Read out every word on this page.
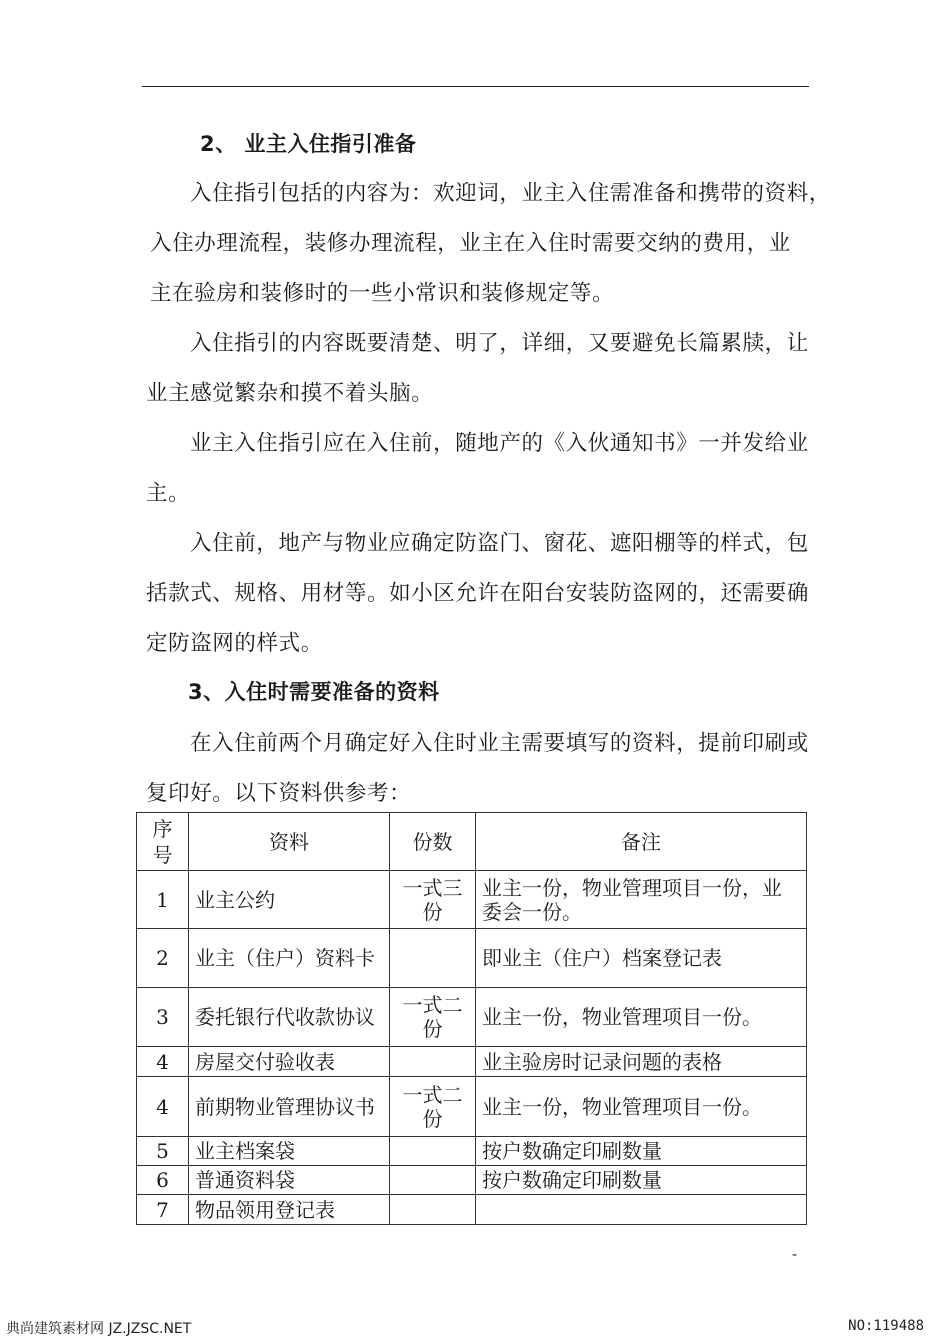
2、 业主入住指引准备
入住指引包括的内容为：欢迎词，业主入住需准备和携带的资料，
入住办理流程，装修办理流程，业主在入住时需要交纳的费用，业
主在验房和装修时的一些小常识和装修规定等。
入住指引的内容既要清楚、明了，详细，又要避免长篇累牍，让
业主感觉繁杂和摸不着头脑。
业主入住指引应在入住前，随地产的《入伙通知书》一并发给业
主。
入住前，地产与物业应确定防盗门、窗花、遮阳棚等的样式，包
括款式、规格、用材等。如小区允许在阳台安装防盗网的，还需要确
定防盗网的样式。
3、入住时需要准备的资料
在入住前两个月确定好入住时业主需要填写的资料，提前印刷或
复印好。以下资料供参考：
序号	资料	份数	备注
1	业主公约	一式三份	业主一份，物业管理项目一份，业委会一份。
2	业主（住户）资料卡		即业主（住户）档案登记表
3	委托银行代收款协议	一式二份	业主一份，物业管理项目一份。
4	房屋交付验收表		业主验房时记录问题的表格
4	前期物业管理协议书	一式二份	业主一份，物业管理项目一份。
5	业主档案袋		按户数确定印刷数量
6	普通资料袋		按户数确定印刷数量
7	物品领用登记表		
-
典尚建筑素材网 JZ.JZSC.NET	NO:119488
